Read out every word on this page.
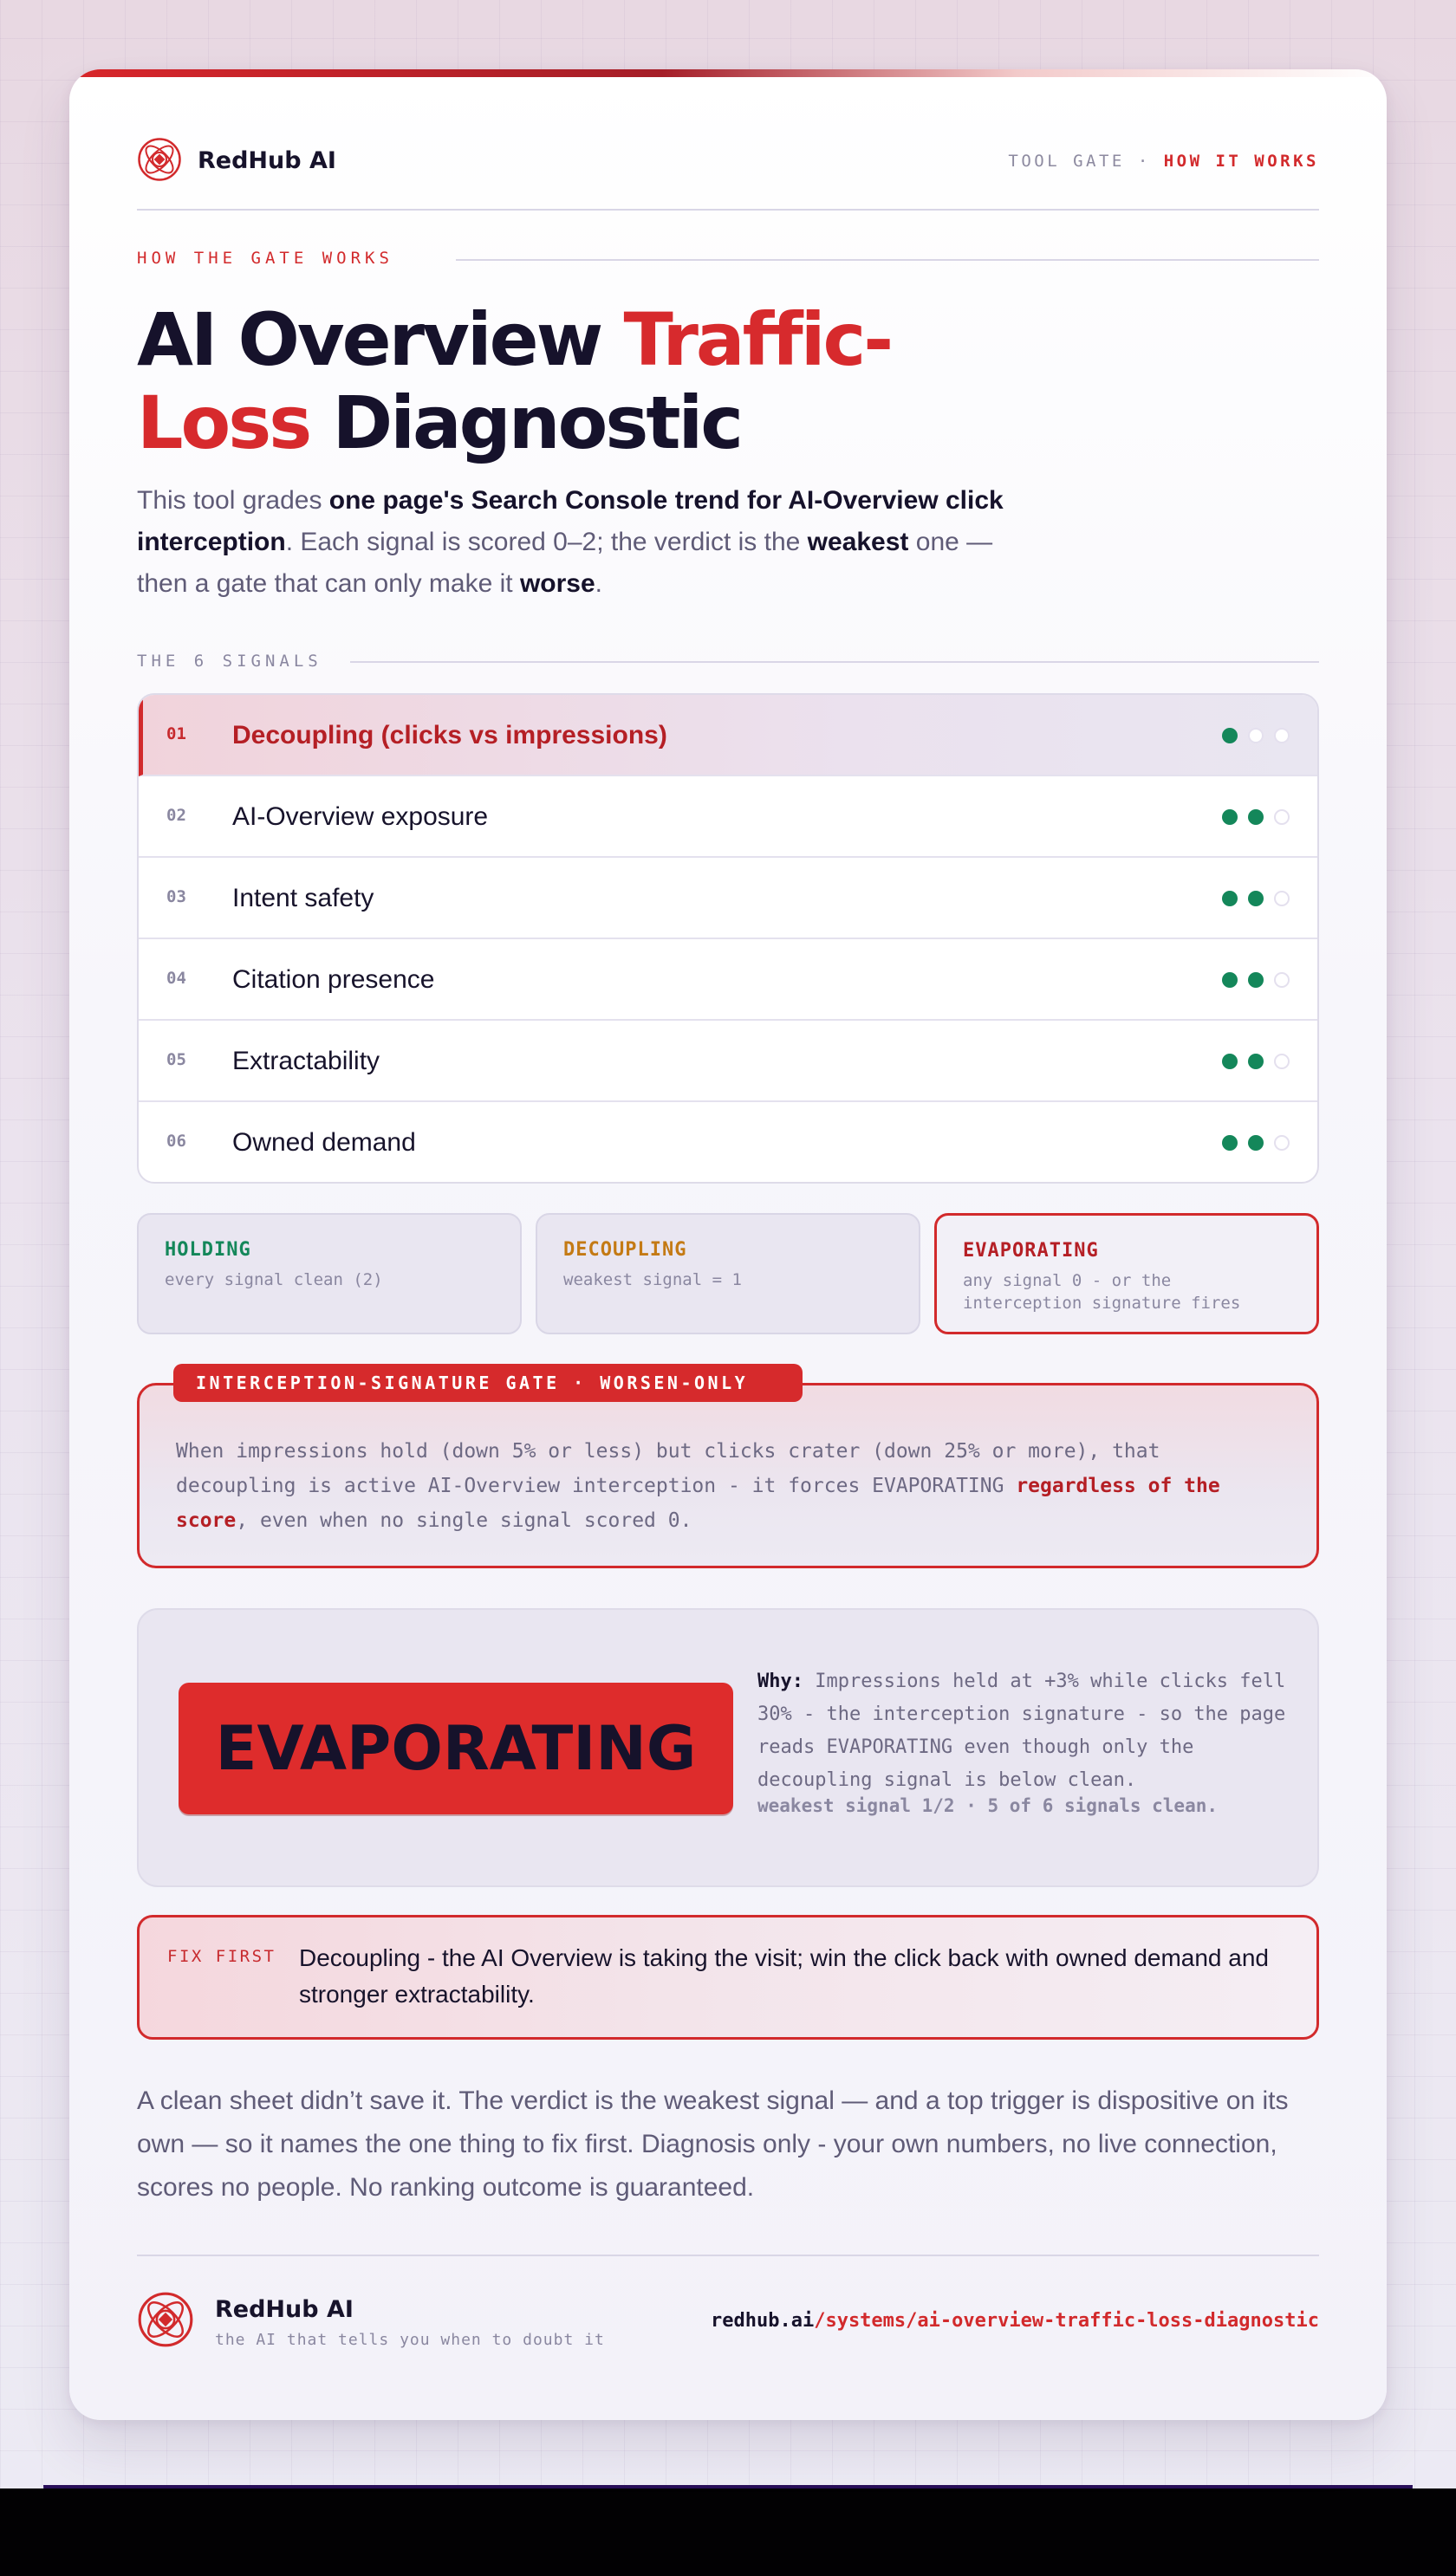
RedHub AI	TOOL GATE · HOW IT WORKS
HOW THE GATE WORKS
AI Overview Traffic-
Loss Diagnostic

This tool grades one page's Search Console trend for AI-Overview click interception. Each signal is scored 0–2; the verdict is the weakest one — then a gate that can only make it worse.

THE 6 SIGNALS
01 Decoupling (clicks vs impressions)
02 AI-Overview exposure
03 Intent safety
04 Citation presence
05 Extractability
06 Owned demand
HOLDING
every signal clean (2)
DECOUPLING
weakest signal = 1
EVAPORATING
any signal 0 - or the interception signature fires

When impressions hold (down 5% or less) but clicks crater (down 25% or more), that decoupling is active AI-Overview interception - it forces EVAPORATING regardless of the score, even when no single signal scored 0.

INTERCEPTION-SIGNATURE GATE · WORSEN-ONLY
EVAPORATING

Why: Impressions held at +3% while clicks fell 30% - the interception signature - so the page reads EVAPORATING even though only the decoupling signal is below clean.

weakest signal 1/2 · 5 of 6 signals clean.
FIX FIRST Decoupling - the AI Overview is taking the visit; win the click back with owned demand and stronger extractability.

A clean sheet didn’t save it. The verdict is the weakest signal — and a top trigger is dispositive on its own — so it names the one thing to fix first. Diagnosis only - your own numbers, no live connection, scores no people. No ranking outcome is guaranteed.

RedHub AI
the AI that tells you when to doubt it
redhub.ai/systems/ai-overview-traffic-loss-diagnostic
